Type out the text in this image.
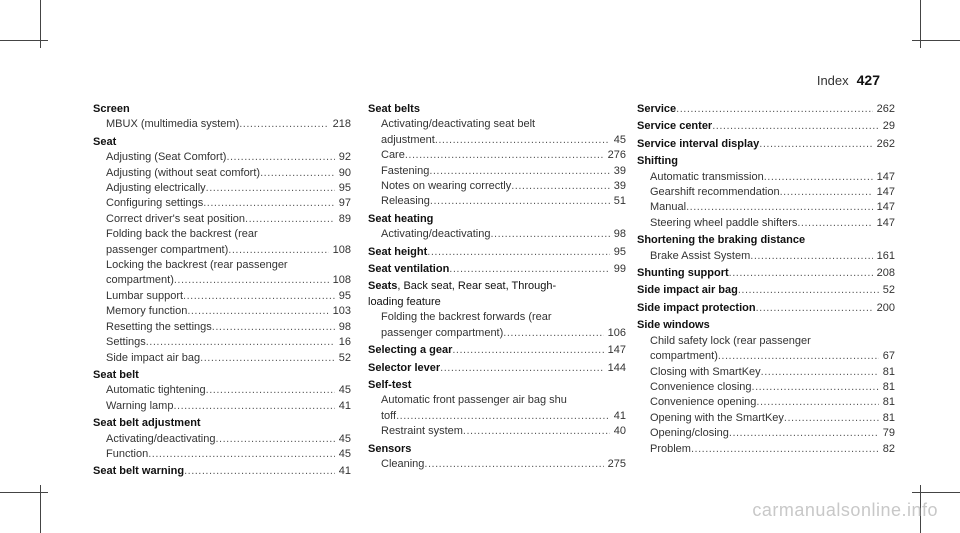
Index 427
Screen
MBUX (multimedia system) .....	218
Seat
Adjusting (Seat Comfort) .....	92
Adjusting (without seat comfort) .....	90
Adjusting electrically .....	95
Configuring settings .....	97
Correct driver's seat position .....	89
Folding back the backrest (rear
passenger compartment) .....	108
Locking the backrest (rear passenger
compartment) .....	108
Lumbar support .....	95
Memory function .....	103
Resetting the settings .....	98
Settings .....	16
Side impact air bag .....	52
Seat belt
Automatic tightening .....	45
Warning lamp .....	41
Seat belt adjustment
Activating/deactivating .....	45
Function .....	45
Seat belt warning .....	41
Seat belts
Activating/deactivating seat belt
adjustment .....	45
Care .....	276
Fastening .....	39
Notes on wearing correctly .....	39
Releasing .....	51
Seat heating
Activating/deactivating .....	98
Seat height .....	95
Seat ventilation .....	99
Seats, Back seat, Rear seat, Through-
loading feature
Folding the backrest forwards (rear
passenger compartment) .....	106
Selecting a gear .....	147
Selector lever .....	144
Self-test
Automatic front passenger air bag shu
toff .....	41
Restraint system .....	40
Sensors
Cleaning .....	275
Service .....	262
Service center .....	29
Service interval display .....	262
Shifting
Automatic transmission .....	147
Gearshift recommendation .....	147
Manual .....	147
Steering wheel paddle shifters .....	147
Shortening the braking distance
Brake Assist System .....	161
Shunting support .....	208
Side impact air bag .....	52
Side impact protection .....	200
Side windows
Child safety lock (rear passenger
compartment) .....	67
Closing with SmartKey .....	81
Convenience closing .....	81
Convenience opening .....	81
Opening with the SmartKey .....	81
Opening/closing .....	79
Problem .....	82
carmanualsonline.info
